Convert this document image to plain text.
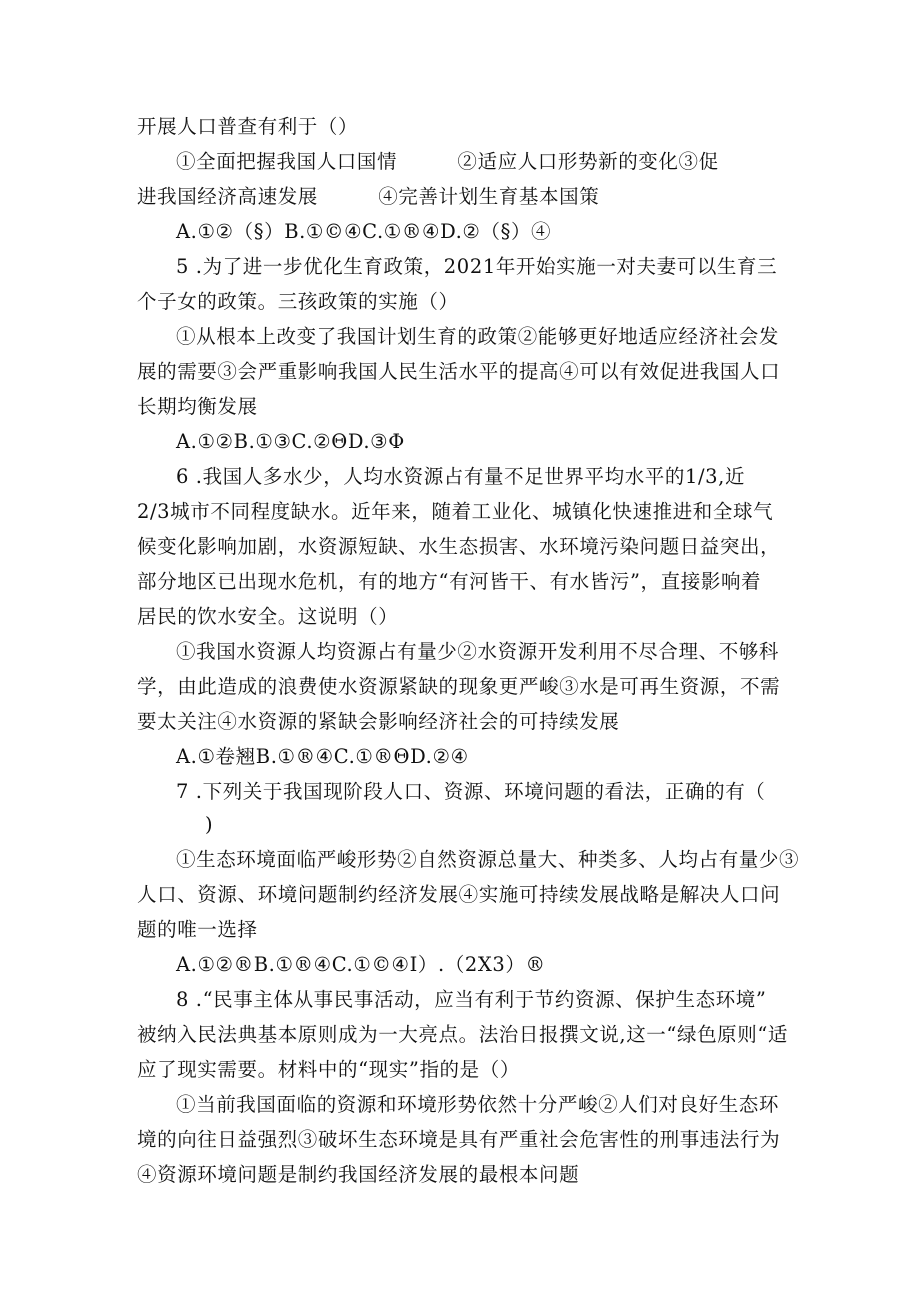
开展人口普查有利于（）
①全面把握我国人口国情　　　②适应人口形势新的变化③促
进我国经济高速发展　　　④完善计划生育基本国策
A.①②（§）B.①©④C.①®④D.②（§）④
5 .为了进一步优化生育政策，2021年开始实施一对夫妻可以生育三
个子女的政策。三孩政策的实施（）
①从根本上改变了我国计划生育的政策②能够更好地适应经济社会发
展的需要③会严重影响我国人民生活水平的提高④可以有效促进我国人口
长期均衡发展
A.①②B.①③C.②ΘD.③Φ
6 .我国人多水少，人均水资源占有量不足世界平均水平的1/3,近
2/3城市不同程度缺水。近年来，随着工业化、城镇化快速推进和全球气
候变化影响加剧，水资源短缺、水生态损害、水环境污染问题日益突出，
部分地区已出现水危机，有的地方“有河皆干、有水皆污”，直接影响着
居民的饮水安全。这说明（）
①我国水资源人均资源占有量少②水资源开发利用不尽合理、不够科
学，由此造成的浪费使水资源紧缺的现象更严峻③水是可再生资源，不需
要太关注④水资源的紧缺会影响经济社会的可持续发展
A.①卷翘B.①®④C.①®ΘD.②④
7 .下列关于我国现阶段人口、资源、环境问题的看法，正确的有（
)
①生态环境面临严峻形势②自然资源总量大、种类多、人均占有量少③
人口、资源、环境问题制约经济发展④实施可持续发展战略是解决人口问
题的唯一选择
A.①②®B.①®④C.①©④I）.（2X3）®
8 .“民事主体从事民事活动，应当有利于节约资源、保护生态环境”
被纳入民法典基本原则成为一大亮点。法治日报撰文说,这一“绿色原则“适
应了现实需要。材料中的“现实”指的是（）
①当前我国面临的资源和环境形势依然十分严峻②人们对良好生态环
境的向往日益强烈③破坏生态环境是具有严重社会危害性的刑事违法行为
④资源环境问题是制约我国经济发展的最根本问题
